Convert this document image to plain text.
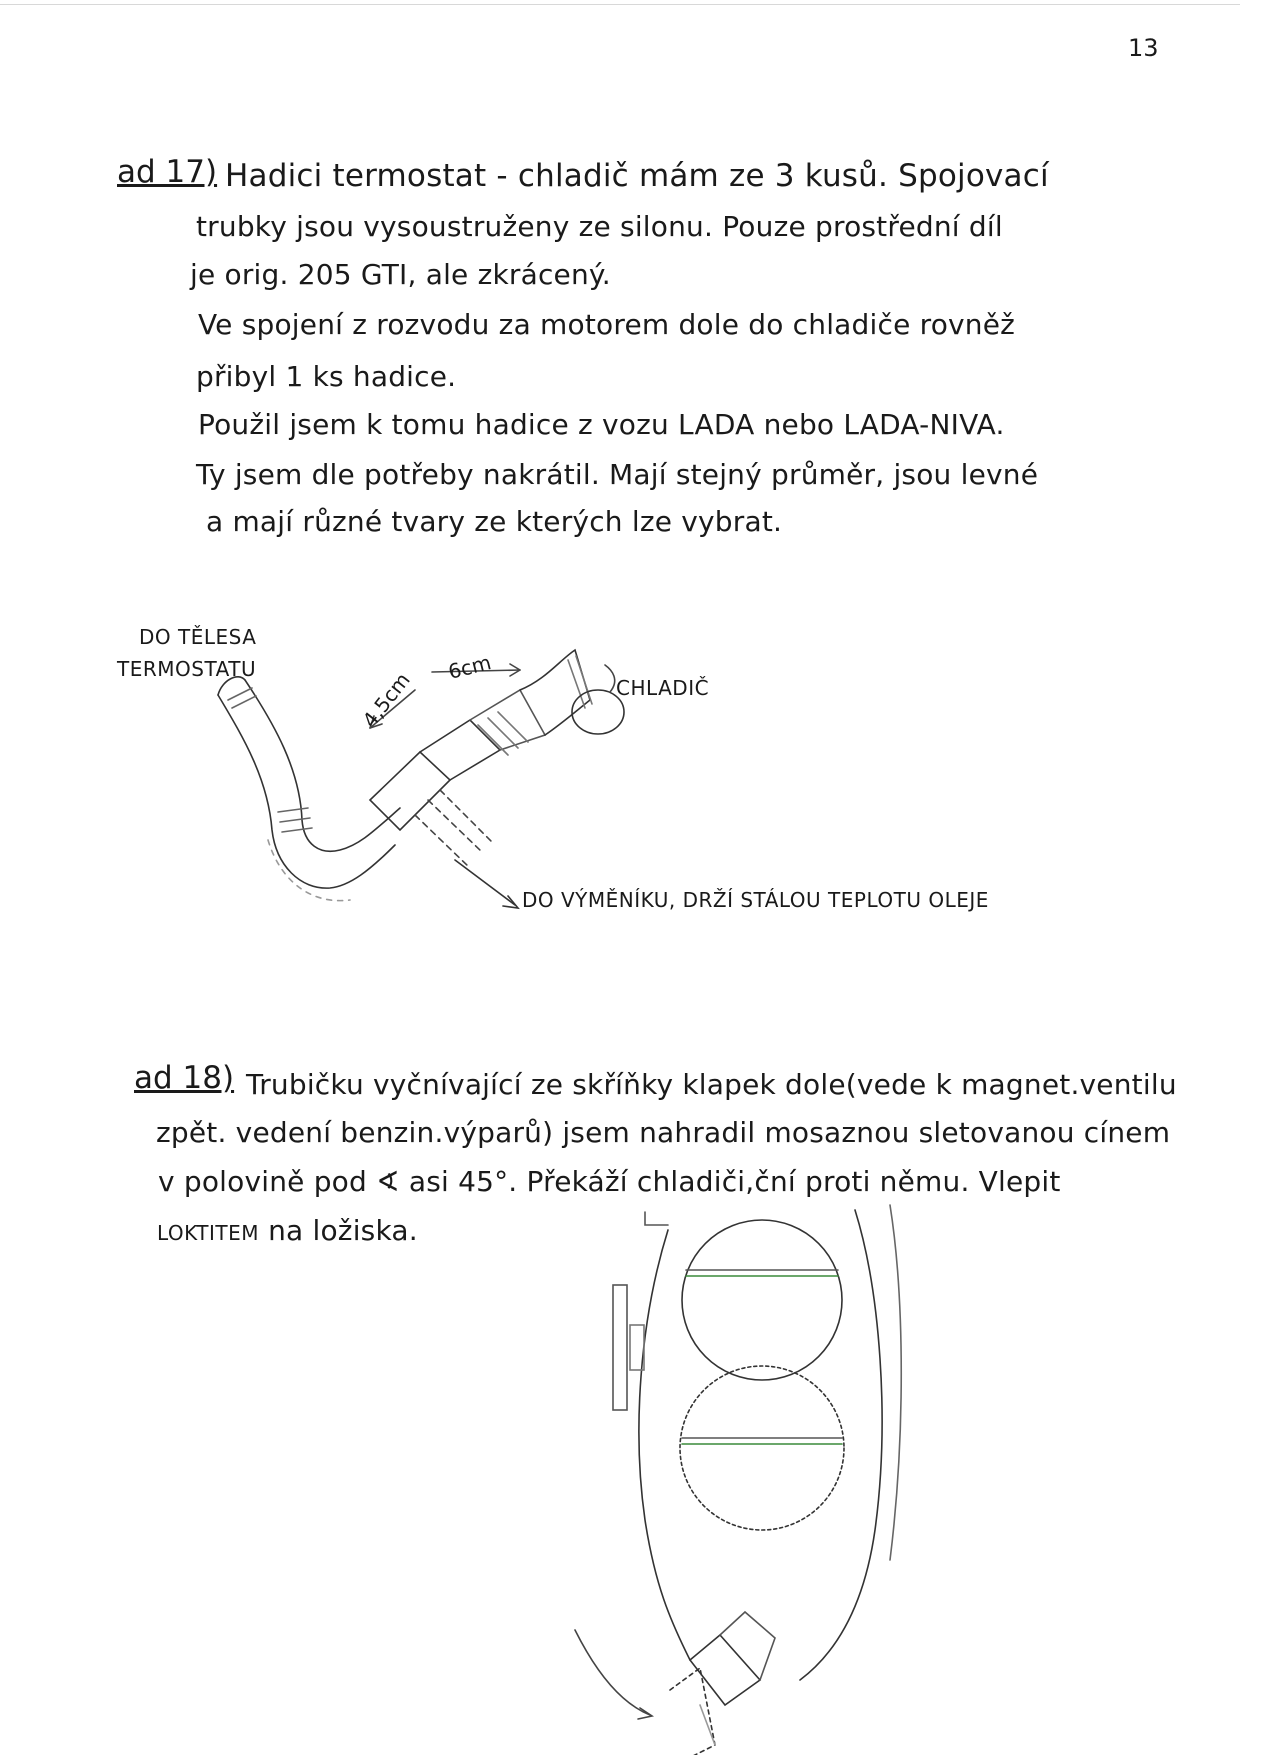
13
ad 17) Hadici termostat - chladič mám ze 3 kusů. Spojovací
trubky jsou vysoustruženy ze silonu. Pouze prostřední díl
je orig. 205 GTI, ale zkrácený.
Ve spojení z rozvodu za motorem dole do chladiče rovněž
přibyl 1 ks hadice.
Použil jsem k tomu hadice z vozu LADA nebo LADA-NIVA.
Ty jsem dle potřeby nakrátil. Mají stejný průměr, jsou levné
a mají různé tvary ze kterých lze vybrat.
DO TĚLESA
TERMOSTATU
CHLADIČ
DO VÝMĚNÍKU, DRŽÍ STÁLOU TEPLOTU OLEJE
4,5cm
6cm
ad 18) Trubičku vyčnívající ze skříňky klapek dole(vede k magnet.ventilu
zpět. vedení benzin.výparů) jsem nahradil mosaznou sletovanou cínem
v polovině pod ∢ asi 45°. Překáží chladiči,ční proti němu. Vlepit
LOKTITEM na ložiska.
